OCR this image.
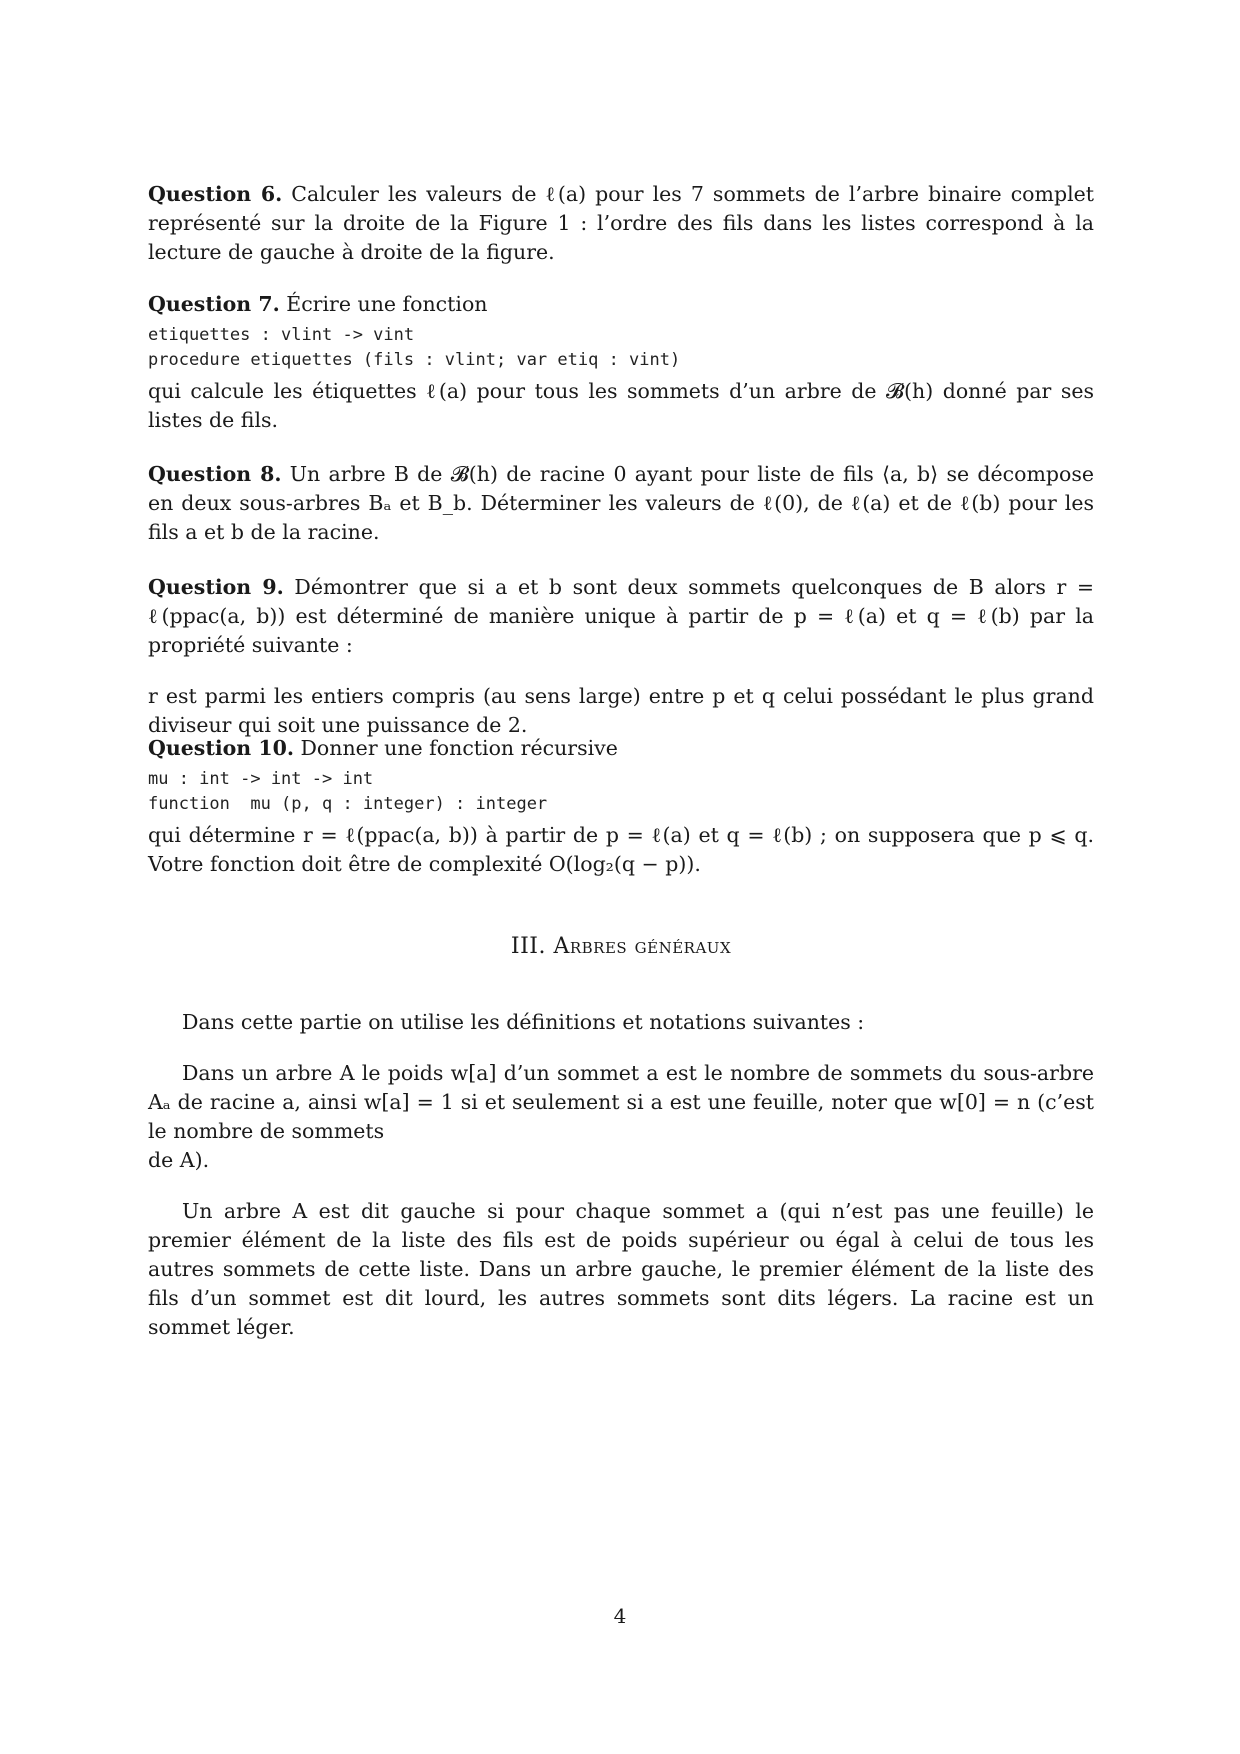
Question 6. Calculer les valeurs de ℓ(a) pour les 7 sommets de l’arbre binaire complet représenté sur la droite de la Figure 1 : l’ordre des fils dans les listes correspond à la lecture de gauche à droite de la figure.

Question 7. Écrire une fonction

etiquettes : vlint -> vint
procedure etiquettes (fils : vlint; var etiq : vint)

qui calcule les étiquettes ℓ(a) pour tous les sommets d’un arbre de 𝓑(h) donné par ses listes de fils.

Question 8. Un arbre B de 𝓑(h) de racine 0 ayant pour liste de fils ⟨a, b⟩ se décompose en deux sous-arbres Bₐ et B_b. Déterminer les valeurs de ℓ(0), de ℓ(a) et de ℓ(b) pour les fils a et b de la racine.

Question 9. Démontrer que si a et b sont deux sommets quelconques de B alors r = ℓ(ppac(a, b)) est déterminé de manière unique à partir de p = ℓ(a) et q = ℓ(b) par la propriété suivante :

r est parmi les entiers compris (au sens large) entre p et q celui possédant le plus grand diviseur qui soit une puissance de 2.

Question 10. Donner une fonction récursive

mu : int -> int -> int
function  mu (p, q : integer) : integer

qui détermine r = ℓ(ppac(a, b)) à partir de p = ℓ(a) et q = ℓ(b) ; on supposera que p ⩽ q. Votre fonction doit être de complexité O(log₂(q − p)).

III. Arbres généraux

Dans cette partie on utilise les définitions et notations suivantes :

Dans un arbre A le poids w[a] d’un sommet a est le nombre de sommets du sous-arbre Aₐ de racine a, ainsi w[a] = 1 si et seulement si a est une feuille, noter que w[0] = n (c’est le nombre de sommets

de A).

Un arbre A est dit gauche si pour chaque sommet a (qui n’est pas une feuille) le premier élément de la liste des fils est de poids supérieur ou égal à celui de tous les autres sommets de cette liste. Dans un arbre gauche, le premier élément de la liste des fils d’un sommet est dit lourd, les autres sommets sont dits légers. La racine est un sommet léger.

4
